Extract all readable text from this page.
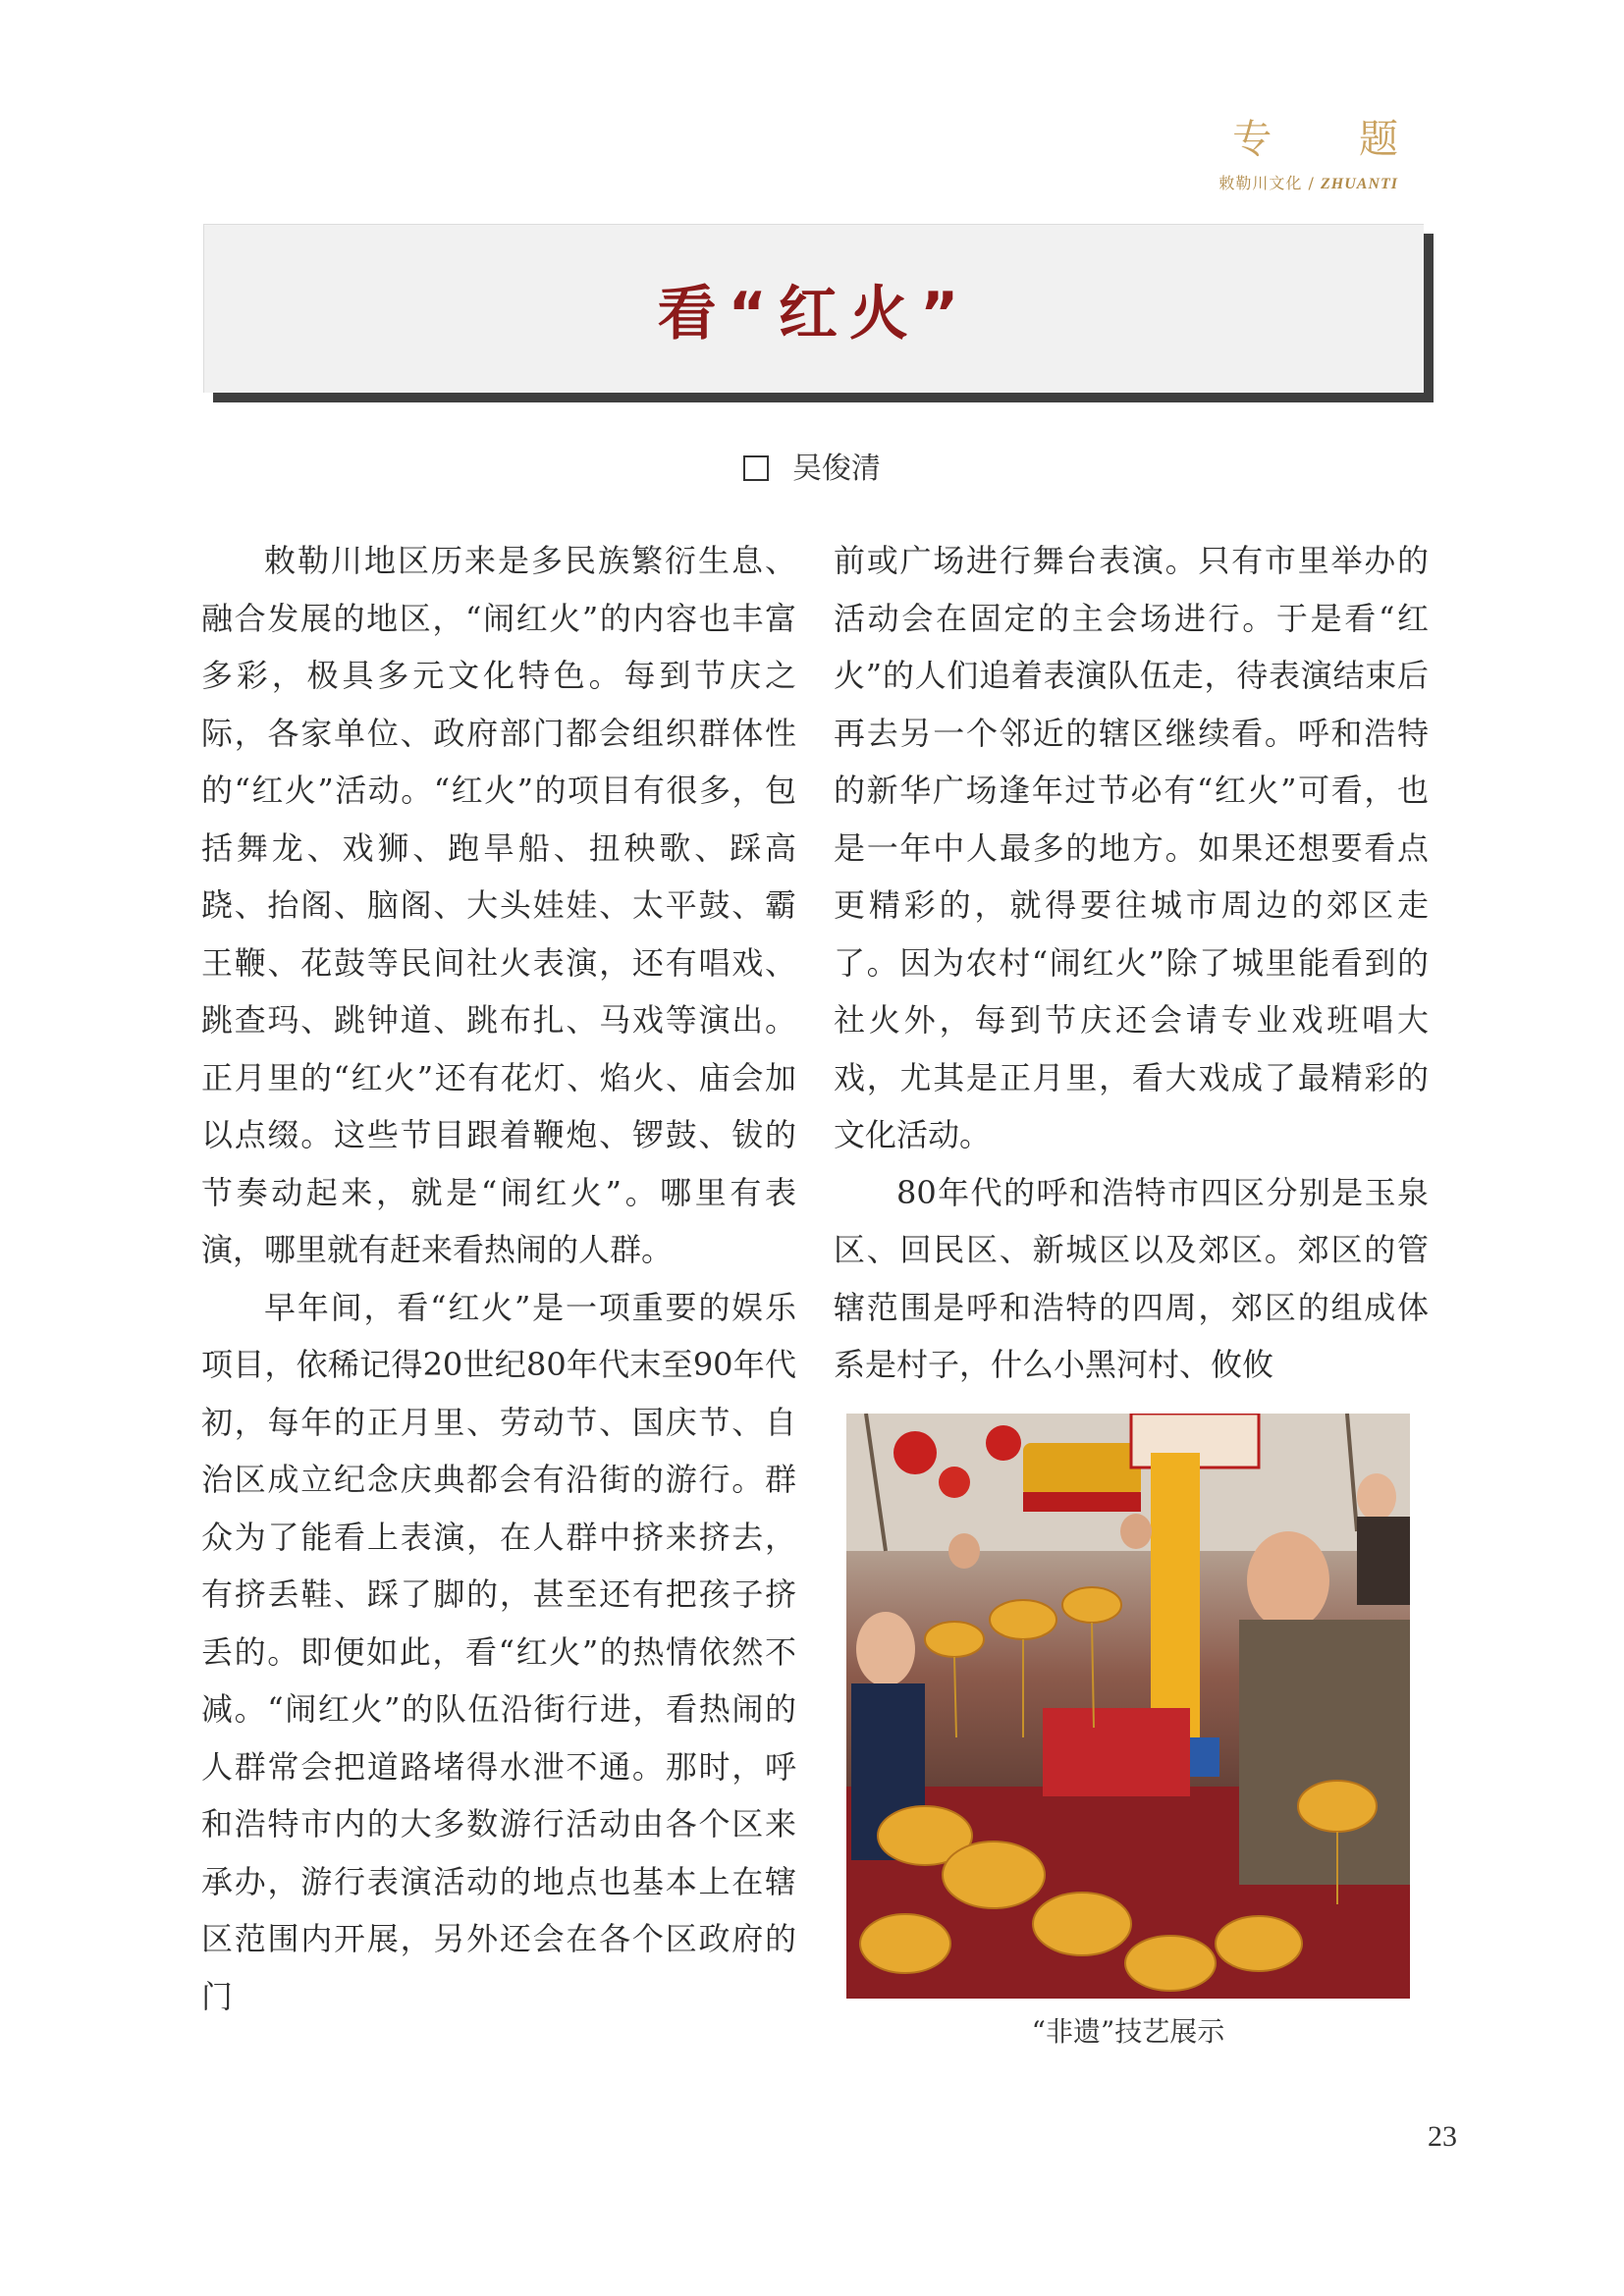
专 题
敕勒川文化 / ZHUANTI
看“红火”
吴俊清

敕勒川地区历来是多民族繁衍生息、融合发展的地区，“闹红火”的内容也丰富多彩，极具多元文化特色。每到节庆之际，各家单位、政府部门都会组织群体性的“红火”活动。“红火”的项目有很多，包括舞龙、戏狮、跑旱船、扭秧歌、踩高跷、抬阁、脑阁、大头娃娃、太平鼓、霸王鞭、花鼓等民间社火表演，还有唱戏、跳查玛、跳钟道、跳布扎、马戏等演出。正月里的“红火”还有花灯、焰火、庙会加以点缀。这些节目跟着鞭炮、锣鼓、钹的节奏动起来，就是“闹红火”。哪里有表演，哪里就有赶来看热闹的人群。

早年间，看“红火”是一项重要的娱乐项目，依稀记得20世纪80年代末至90年代初，每年的正月里、劳动节、国庆节、自治区成立纪念庆典都会有沿街的游行。群众为了能看上表演，在人群中挤来挤去，有挤丢鞋、踩了脚的，甚至还有把孩子挤丢的。即便如此，看“红火”的热情依然不减。“闹红火”的队伍沿街行进，看热闹的人群常会把道路堵得水泄不通。那时，呼和浩特市内的大多数游行活动由各个区来承办，游行表演活动的地点也基本上在辖区范围内开展，另外还会在各个区政府的门

前或广场进行舞台表演。只有市里举办的活动会在固定的主会场进行。于是看“红火”的人们追着表演队伍走，待表演结束后再去另一个邻近的辖区继续看。呼和浩特的新华广场逢年过节必有“红火”可看，也是一年中人最多的地方。如果还想要看点更精彩的，就得要往城市周边的郊区走了。因为农村“闹红火”除了城里能看到的社火外，每到节庆还会请专业戏班唱大戏，尤其是正月里，看大戏成了最精彩的文化活动。

80年代的呼和浩特市四区分别是玉泉区、回民区、新城区以及郊区。郊区的管辖范围是呼和浩特的四周，郊区的组成体系是村子，什么小黑河村、攸攸

“非遗”技艺展示
23
